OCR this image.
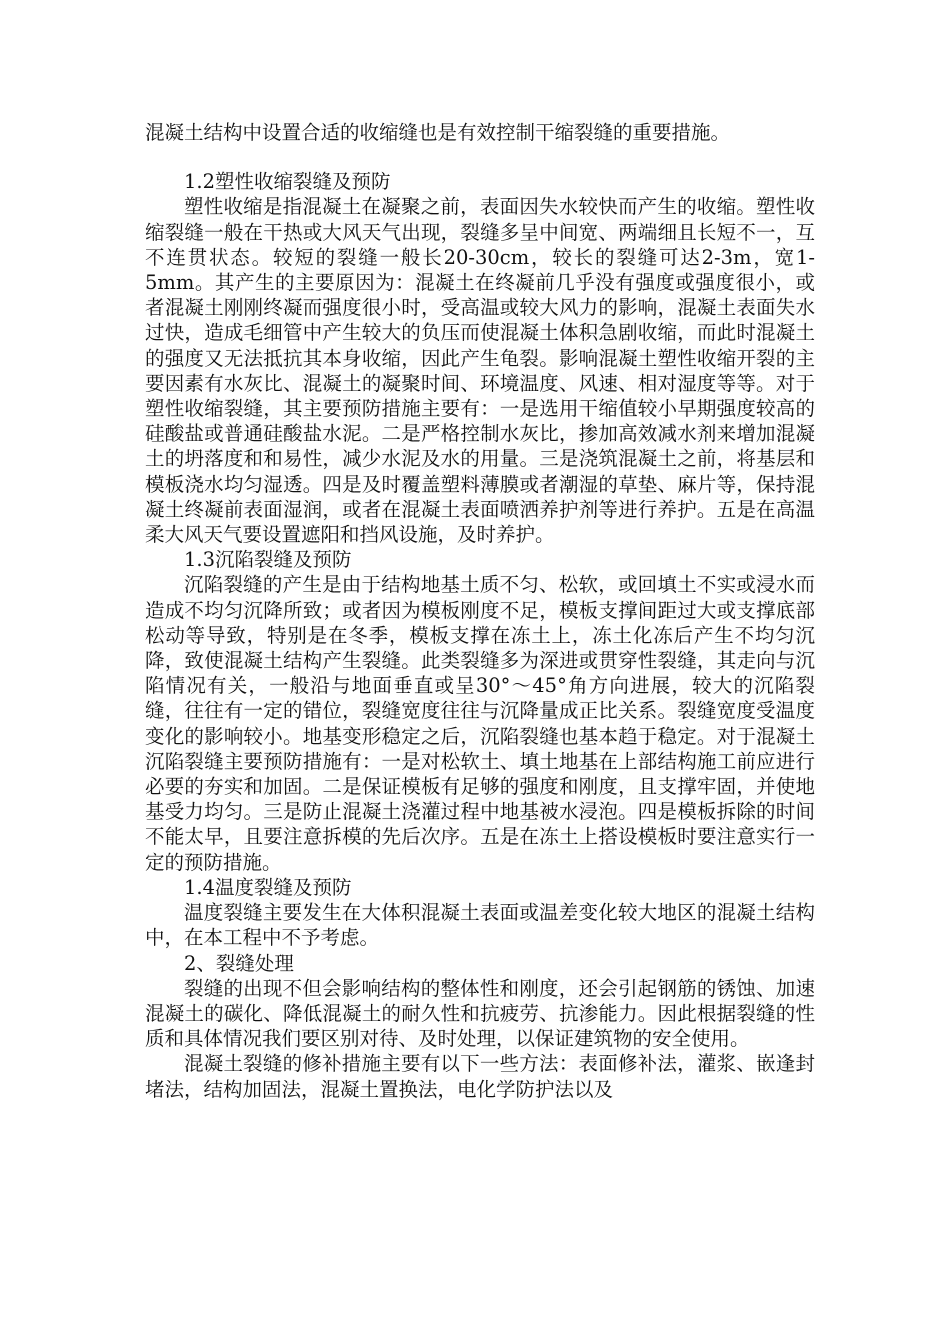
混凝土结构中设置合适的收缩缝也是有效控制干缩裂缝的重要措施。

1.2塑性收缩裂缝及预防

塑性收缩是指混凝土在凝聚之前，表面因失水较快而产生的收缩。塑性收缩裂缝一般在干热或大风天气出现，裂缝多呈中间宽、两端细且长短不一，互不连贯状态。较短的裂缝一般长20-30cm，较长的裂缝可达2-3m，宽1-5mm。其产生的主要原因为：混凝土在终凝前几乎没有强度或强度很小，或者混凝土刚刚终凝而强度很小时，受高温或较大风力的影响，混凝土表面失水过快，造成毛细管中产生较大的负压而使混凝土体积急剧收缩，而此时混凝土的强度又无法抵抗其本身收缩，因此产生龟裂。影响混凝土塑性收缩开裂的主要因素有水灰比、混凝土的凝聚时间、环境温度、风速、相对湿度等等。对于塑性收缩裂缝，其主要预防措施主要有：一是选用干缩值较小早期强度较高的硅酸盐或普通硅酸盐水泥。二是严格控制水灰比，掺加高效减水剂来增加混凝土的坍落度和和易性，减少水泥及水的用量。三是浇筑混凝土之前，将基层和模板浇水均匀湿透。四是及时覆盖塑料薄膜或者潮湿的草垫、麻片等，保持混凝土终凝前表面湿润，或者在混凝土表面喷洒养护剂等进行养护。五是在高温柔大风天气要设置遮阳和挡风设施，及时养护。

1.3沉陷裂缝及预防

沉陷裂缝的产生是由于结构地基土质不匀、松软，或回填土不实或浸水而造成不均匀沉降所致；或者因为模板刚度不足，模板支撑间距过大或支撑底部松动等导致，特别是在冬季，模板支撑在冻土上，冻土化冻后产生不均匀沉降，致使混凝土结构产生裂缝。此类裂缝多为深进或贯穿性裂缝，其走向与沉陷情况有关，一般沿与地面垂直或呈30°～45°角方向进展，较大的沉陷裂缝，往往有一定的错位，裂缝宽度往往与沉降量成正比关系。裂缝宽度受温度变化的影响较小。地基变形稳定之后，沉陷裂缝也基本趋于稳定。对于混凝土沉陷裂缝主要预防措施有：一是对松软土、填土地基在上部结构施工前应进行必要的夯实和加固。二是保证模板有足够的强度和刚度，且支撑牢固，并使地基受力均匀。三是防止混凝土浇灌过程中地基被水浸泡。四是模板拆除的时间不能太早，且要注意拆模的先后次序。五是在冻土上搭设模板时要注意实行一定的预防措施。

1.4温度裂缝及预防

温度裂缝主要发生在大体积混凝土表面或温差变化较大地区的混凝土结构中，在本工程中不予考虑。

2、裂缝处理

裂缝的出现不但会影响结构的整体性和刚度，还会引起钢筋的锈蚀、加速混凝土的碳化、降低混凝土的耐久性和抗疲劳、抗渗能力。因此根据裂缝的性质和具体情况我们要区别对待、及时处理，以保证建筑物的安全使用。

混凝土裂缝的修补措施主要有以下一些方法：表面修补法，灌浆、嵌逢封堵法，结构加固法，混凝土置换法，电化学防护法以及
